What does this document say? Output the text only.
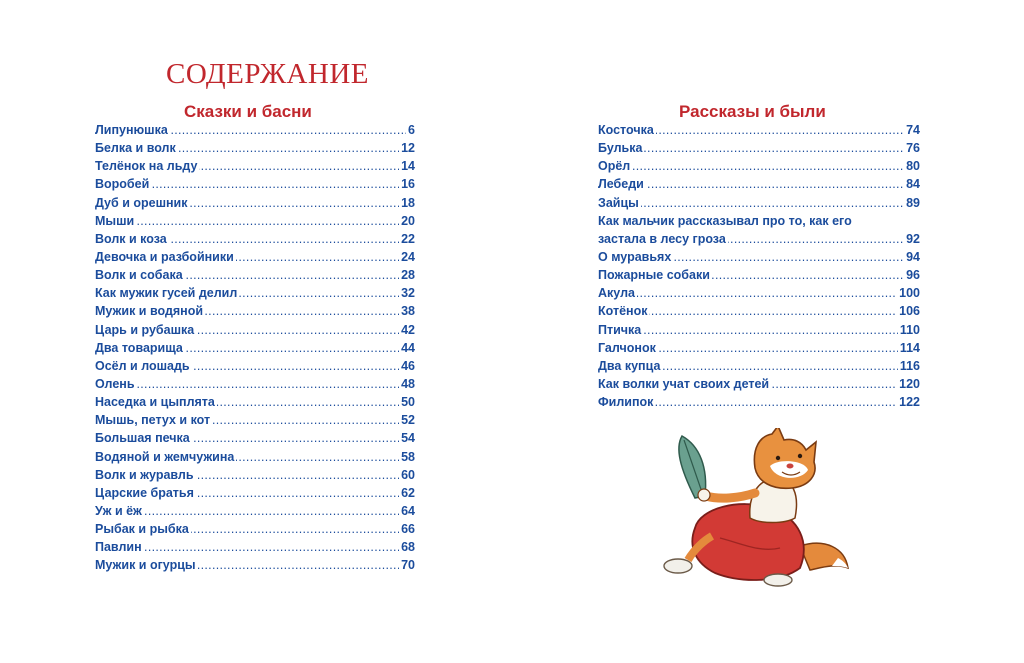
СОДЕРЖАНИЕ
Сказки и басни
Липунюшка	6
.....
Белка и волк	12
.....
Телёнок на льду	14
.....
Воробей	16
.....
Дуб и орешник	18
.....
Мыши	20
.....
Волк и коза	22
.....
Девочка и разбойники	24
.....
Волк и собака	28
.....
Как мужик гусей делил	32
.....
Мужик и водяной	38
.....
Царь и рубашка	42
.....
Два товарища	44
.....
Осёл и лошадь	46
.....
Олень	48
.....
Наседка и цыплята	50
.....
Мышь, петух и кот	52
.....
Большая печка	54
.....
Водяной и жемчужина	58
.....
Волк и журавль	60
.....
Царские братья	62
.....
Уж и ёж	64
.....
Рыбак и рыбка	66
.....
Павлин	68
.....
Мужик и огурцы	70
.....
Рассказы и были
Косточка	74
.....
Булька	76
.....
Орёл	80
.....
Лебеди	84
.....
Зайцы	89
.....
Как мальчик рассказывал про то, как его
застала в лесу гроза	92
.....
О муравьях	94
.....
Пожарные собаки	96
.....
Акула	100
.....
Котёнок	106
.....
Птичка	110
.....
Галчонок	114
.....
Два купца	116
.....
Как волки учат своих детей	120
.....
Филипок	122
.....
